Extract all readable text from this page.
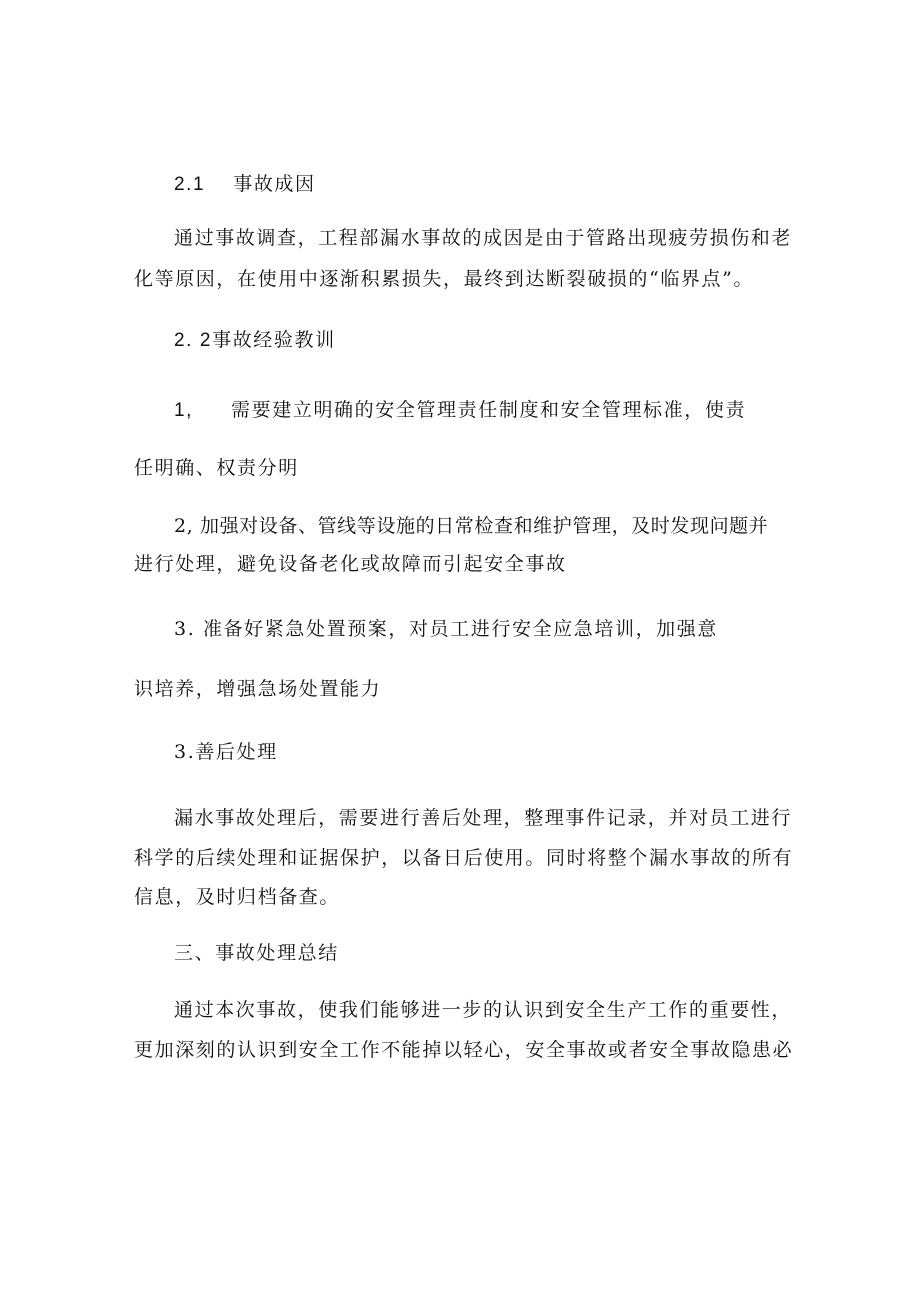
2.1 事故成因
通过事故调查，工程部漏水事故的成因是由于管路出现疲劳损伤和老
化等原因，在使用中逐渐积累损失，最终到达断裂破损的“临界点”。
2. 2事故经验教训
1, 需要建立明确的安全管理责任制度和安全管理标准，使责
任明确、权责分明
2, 加强对设备、管线等设施的日常检查和维护管理，及时发现问题并
进行处理，避免设备老化或故障而引起安全事故
3. 准备好紧急处置预案，对员工进行安全应急培训，加强意
识培养，增强急场处置能力
3.善后处理
漏水事故处理后，需要进行善后处理，整理事件记录，并对员工进行
科学的后续处理和证据保护，以备日后使用。同时将整个漏水事故的所有
信息，及时归档备查。
三、事故处理总结
通过本次事故，使我们能够进一步的认识到安全生产工作的重要性，
更加深刻的认识到安全工作不能掉以轻心，安全事故或者安全事故隐患必
